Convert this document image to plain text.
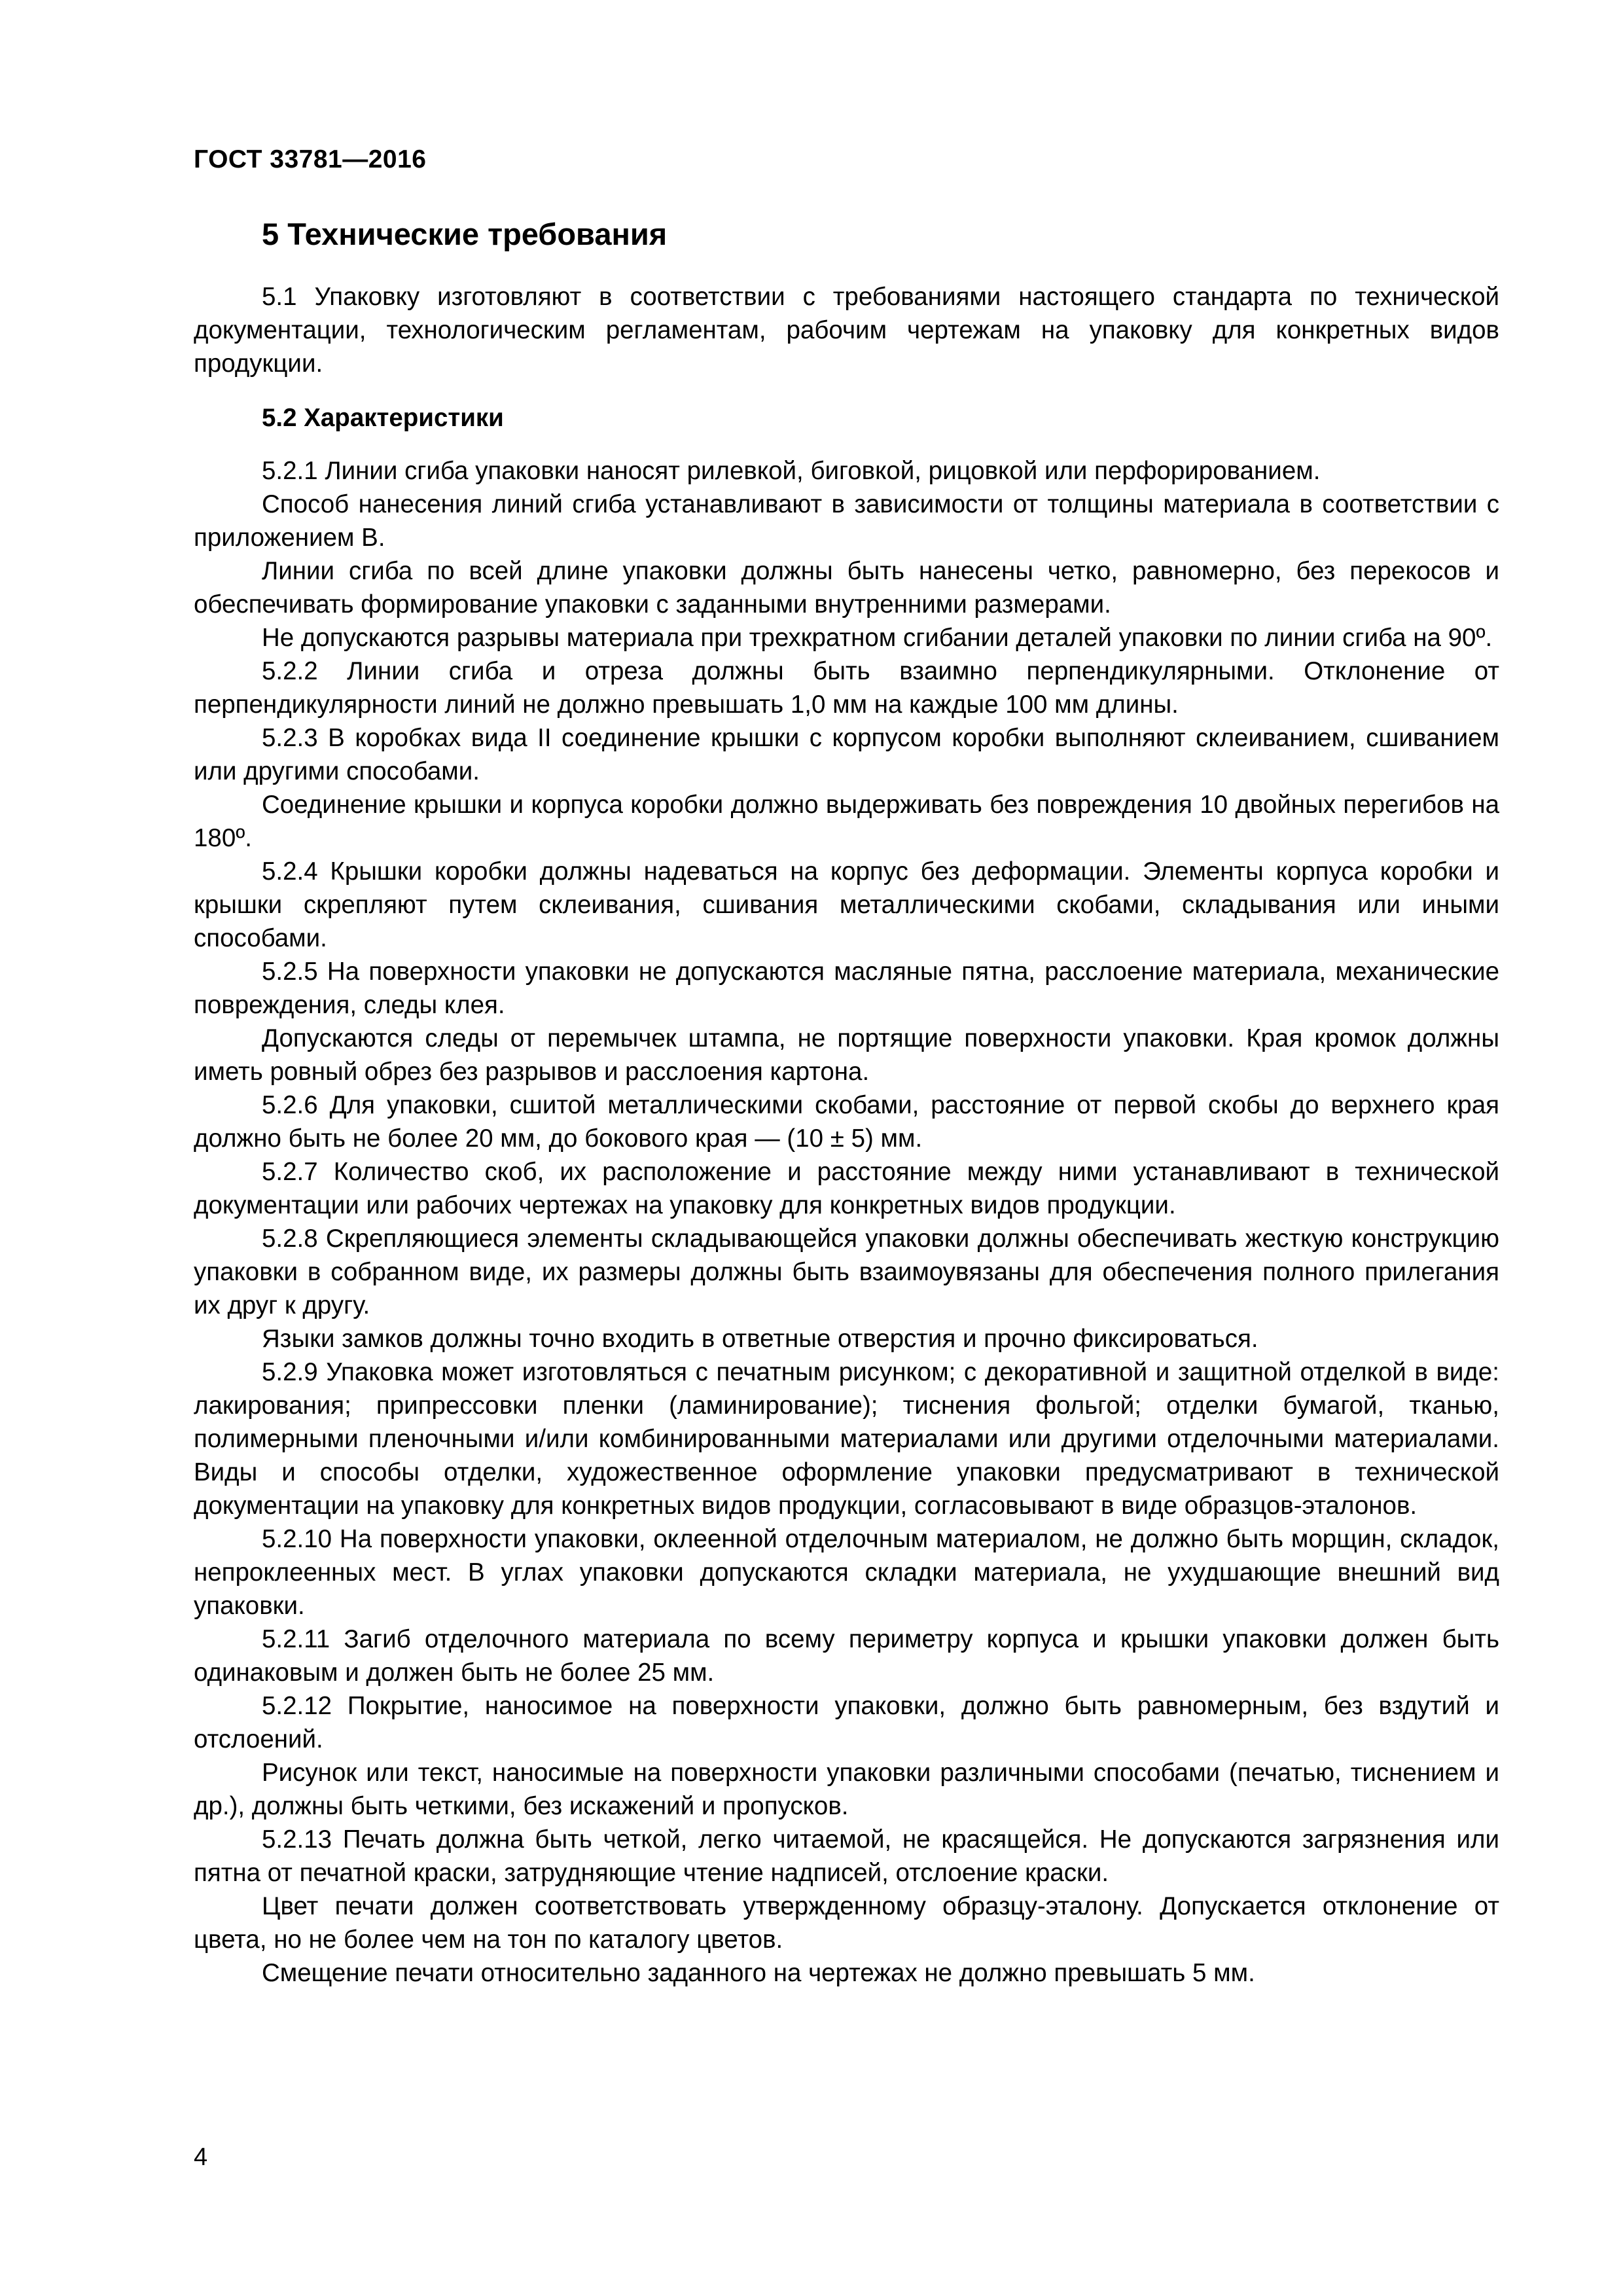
ГОСТ 33781—2016
5 Технические требования

5.1 Упаковку изготовляют в соответствии с требованиями настоящего стандарта по технической документации, технологическим регламентам, рабочим чертежам на упаковку для конкретных видов продукции.

5.2 Характеристики

5.2.1 Линии сгиба упаковки наносят рилевкой, биговкой, рицовкой или перфорированием.

Способ нанесения линий сгиба устанавливают в зависимости от толщины материала в соответствии с приложением В.

Линии сгиба по всей длине упаковки должны быть нанесены четко, равномерно, без перекосов и обеспечивать формирование упаковки с заданными внутренними размерами.

Не допускаются разрывы материала при трехкратном сгибании деталей упаковки по линии сгиба на 90º.

5.2.2 Линии сгиба и отреза должны быть взаимно перпендикулярными. Отклонение от перпендикулярности линий не должно превышать 1,0 мм на каждые 100 мм длины.

5.2.3 В коробках вида II соединение крышки с корпусом коробки выполняют склеиванием, сшиванием или другими способами.

Соединение крышки и корпуса коробки должно выдерживать без повреждения 10 двойных перегибов на 180º.

5.2.4 Крышки коробки должны надеваться на корпус без деформации. Элементы корпуса коробки и крышки скрепляют путем склеивания, сшивания металлическими скобами, складывания или иными способами.

5.2.5 На поверхности упаковки не допускаются масляные пятна, расслоение материала, механические повреждения, следы клея.

Допускаются следы от перемычек штампа, не портящие поверхности упаковки. Края кромок должны иметь ровный обрез без разрывов и расслоения картона.

5.2.6 Для упаковки, сшитой металлическими скобами, расстояние от первой скобы до верхнего края должно быть не более 20 мм, до бокового края — (10 ± 5) мм.

5.2.7 Количество скоб, их расположение и расстояние между ними устанавливают в технической документации или рабочих чертежах на упаковку для конкретных видов продукции.

5.2.8 Скрепляющиеся элементы складывающейся упаковки должны обеспечивать жесткую конструкцию упаковки в собранном виде, их размеры должны быть взаимоувязаны для обеспечения полного прилегания их друг к другу.

Языки замков должны точно входить в ответные отверстия и прочно фиксироваться.

5.2.9 Упаковка может изготовляться с печатным рисунком; с декоративной и защитной отделкой в виде: лакирования; припрессовки пленки (ламинирование); тиснения фольгой; отделки бумагой, тканью, полимерными пленочными и/или комбинированными материалами или другими отделочными материалами. Виды и способы отделки, художественное оформление упаковки предусматривают в технической документации на упаковку для конкретных видов продукции, согласовывают в виде образцов-эталонов.

5.2.10 На поверхности упаковки, оклеенной отделочным материалом, не должно быть морщин, складок, непроклеенных мест. В углах упаковки допускаются складки материала, не ухудшающие внешний вид упаковки.

5.2.11 Загиб отделочного материала по всему периметру корпуса и крышки упаковки должен быть одинаковым и должен быть не более 25 мм.

5.2.12 Покрытие, наносимое на поверхности упаковки, должно быть равномерным, без вздутий и отслоений.

Рисунок или текст, наносимые на поверхности упаковки различными способами (печатью, тиснением и др.), должны быть четкими, без искажений и пропусков.

5.2.13 Печать должна быть четкой, легко читаемой, не красящейся. Не допускаются загрязнения или пятна от печатной краски, затрудняющие чтение надписей, отслоение краски.

Цвет печати должен соответствовать утвержденному образцу-эталону. Допускается отклонение от цвета, но не более чем на тон по каталогу цветов.

Смещение печати относительно заданного на чертежах не должно превышать 5 мм.

4
